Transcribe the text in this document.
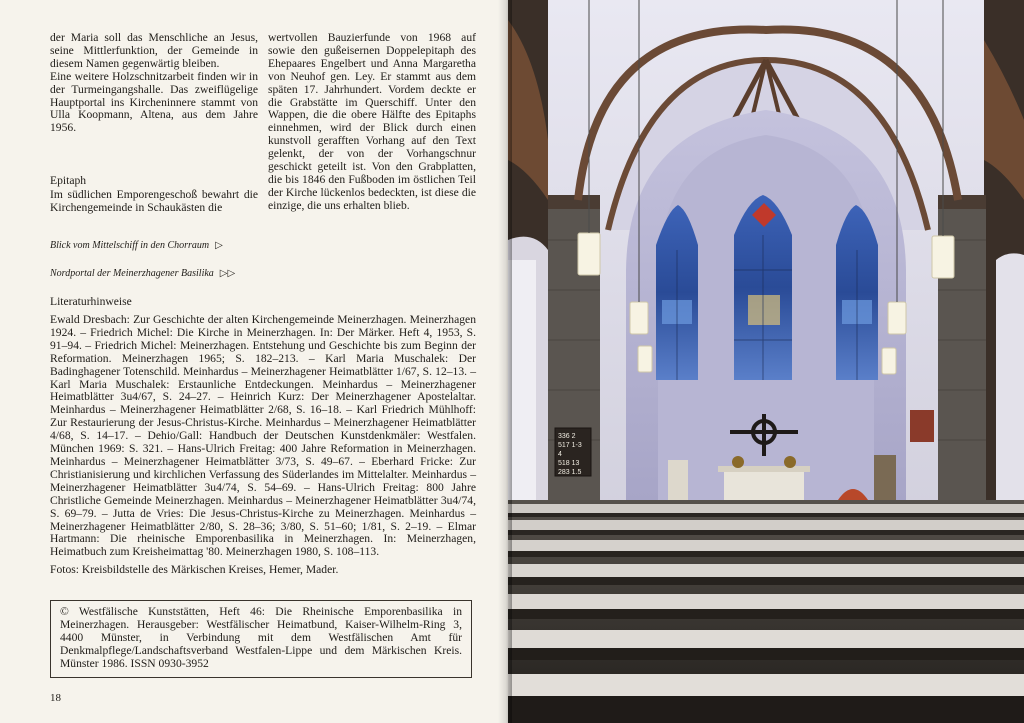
der Maria soll das Menschliche an Jesus, seine Mittlerfunktion, der Gemeinde in diesem Namen gegenwärtig bleiben.

Eine weitere Holzschnitzarbeit finden wir in der Turmeingangshalle. Das zweiflügelige Hauptportal ins Kircheninnere stammt von Ulla Koopmann, Altena, aus dem Jahre 1956.

Epitaph

Im südlichen Emporengeschoß bewahrt die Kirchengemeinde in Schaukästen die

wertvollen Bauzierfunde von 1968 auf sowie den gußeisernen Doppelepitaph des Ehepaares Engelbert und Anna Margaretha von Neuhof gen. Ley. Er stammt aus dem späten 17. Jahrhundert. Vordem deckte er die Grabstätte im Querschiff. Unter den Wappen, die die obere Hälfte des Epitaphs einnehmen, wird der Blick durch einen kunstvoll gerafften Vorhang auf den Text gelenkt, der von der Vorhangschnur geschickt geteilt ist. Von den Grabplatten, die bis 1846 den Fußboden im östlichen Teil der Kirche lückenlos bedeckten, ist diese die einzige, die uns erhalten blieb.

Blick vom Mittelschiff in den Chorraum ▷
Nordportal der Meinerzhagener Basilika ▷▷
Literaturhinweise

Ewald Dresbach: Zur Geschichte der alten Kirchengemeinde Meinerzhagen. Meinerzhagen 1924. – Friedrich Michel: Die Kirche in Meinerzhagen. In: Der Märker. Heft 4, 1953, S. 91–94. – Friedrich Michel: Meinerzhagen. Entstehung und Geschichte bis zum Beginn der Reformation. Meinerzhagen 1965; S. 182–213. – Karl Maria Muschalek: Der Badinghagener Totenschild. Meinhardus – Meinerzhagener Heimatblätter 1/67, S. 12–13. – Karl Maria Muschalek: Erstaunliche Entdeckungen. Meinhardus – Meinerzhagener Heimatblätter 3u4/67, S. 24–27. – Heinrich Kurz: Der Meinerzhagener Apostelaltar. Meinhardus – Meinerzhagener Heimatblätter 2/68, S. 16–18. – Karl Friedrich Mühlhoff: Zur Restaurierung der Jesus-Christus-Kirche. Meinhardus – Meinerzhagener Heimatblätter 4/68, S. 14–17. – Dehio/Gall: Handbuch der Deutschen Kunstdenkmäler: Westfalen. München 1969: S. 321. – Hans-Ulrich Freitag: 400 Jahre Reformation in Meinerzhagen. Meinhardus – Meinerzhagener Heimatblätter 3/73, S. 49–67. – Eberhard Fricke: Zur Christianisierung und kirchlichen Verfassung des Süderlandes im Mittelalter. Meinhardus – Meinerzhagener Heimatblätter 3u4/74, S. 54–69. – Hans-Ulrich Freitag: 800 Jahre Christliche Gemeinde Meinerzhagen. Meinhardus – Meinerzhagener Heimatblätter 3u4/74, S. 69–79. – Jutta de Vries: Die Jesus-Christus-Kirche zu Meinerzhagen. Meinhardus – Meinerzhagener Heimatblätter 2/80, S. 28–36; 3/80, S. 51–60; 1/81, S. 2–19. – Elmar Hartmann: Die rheinische Emporenbasilika in Meinerzhagen. In: Meinerzhagen, Heimatbuch zum Kreisheimattag '80. Meinerzhagen 1980, S. 108–113.

Fotos: Kreisbildstelle des Märkischen Kreises, Hemer, Mader.

© Westfälische Kunststätten, Heft 46: Die Rheinische Emporenbasilika in Meinerzhagen. Herausgeber: Westfälischer Heimatbund, Kaiser-Wilhelm-Ring 3, 4400 Münster, in Verbindung mit dem Westfälischen Amt für Denkmalpflege/Landschaftsverband Westfalen-Lippe und dem Märkischen Kreis. Münster 1986. ISSN 0930-3952

18
336 2
517 1-3
4
518 13
283 1.5
